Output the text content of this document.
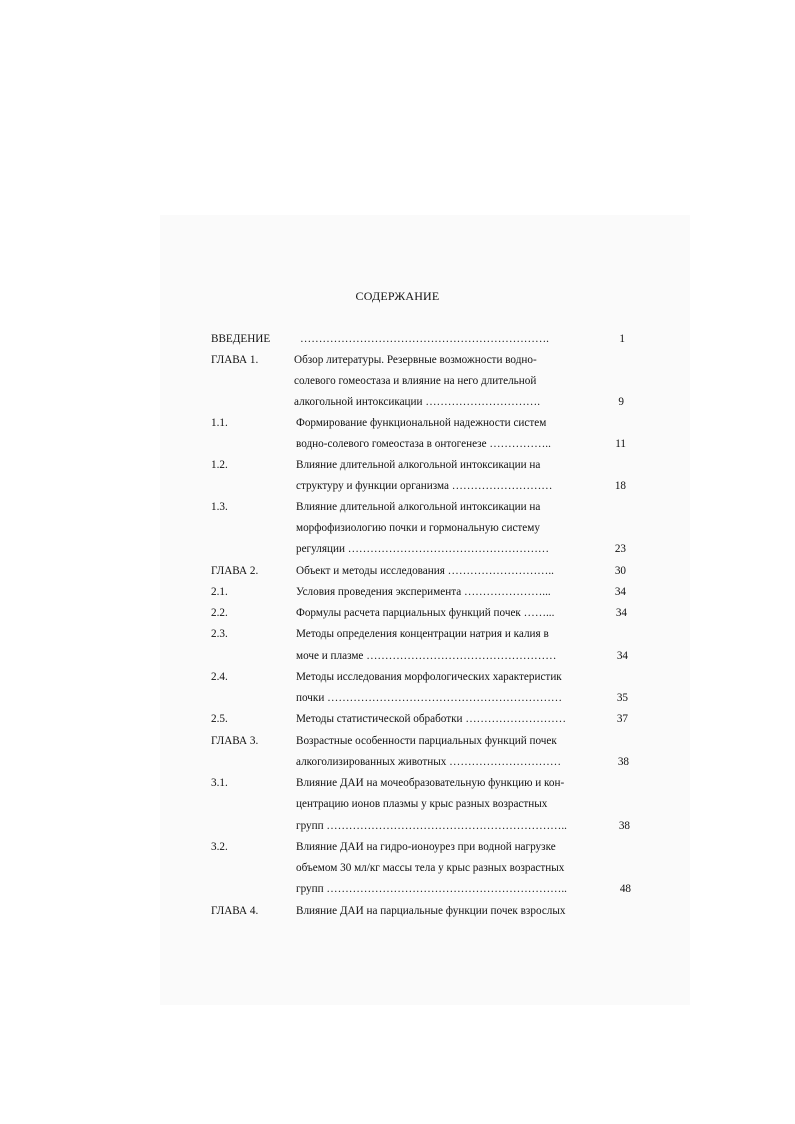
СОДЕРЖАНИЕ
ВВЕДЕНИЕ	………………………………………………………….	1
ГЛАВА 1.	Обзор литературы. Резервные возможности водно-
солевого гомеостаза и влияние на него длительной
алкогольной интоксикации ………………………….	9
1.1.	Формирование функциональной надежности систем
водно-солевого гомеостаза в онтогенезе ……………..	11
1.2.	Влияние длительной алкогольной интоксикации на
структуру и функции организма ………………………	18
1.3.	Влияние длительной алкогольной интоксикации на
морфофизиологию почки и гормональную систему
регуляции ………………………………………………	23
ГЛАВА 2.	Объект и методы исследования ………………………..	30
2.1.	Условия проведения эксперимента …………………...	34
2.2.	Формулы расчета парциальных функций почек ……...	34
2.3.	Методы определения концентрации натрия и калия в
моче и плазме ……………………………………………	34
2.4.	Методы исследования морфологических характеристик
почки ………………………………………………………	35
2.5.	Методы статистической обработки ………………………	37
ГЛАВА 3.	Возрастные особенности парциальных функций почек
алкоголизированных животных …………………………	38
3.1.	Влияние ДАИ на мочеобразовательную функцию и кон-
центрацию ионов плазмы у крыс разных возрастных
групп ………………………………………………………..	38
3.2.	Влияние ДАИ на гидро-ионоурез при водной нагрузке
объемом 30 мл/кг массы тела у крыс разных возрастных
групп ………………………………………………………..	48
ГЛАВА 4.	Влияние ДАИ на парциальные функции почек взрослых
